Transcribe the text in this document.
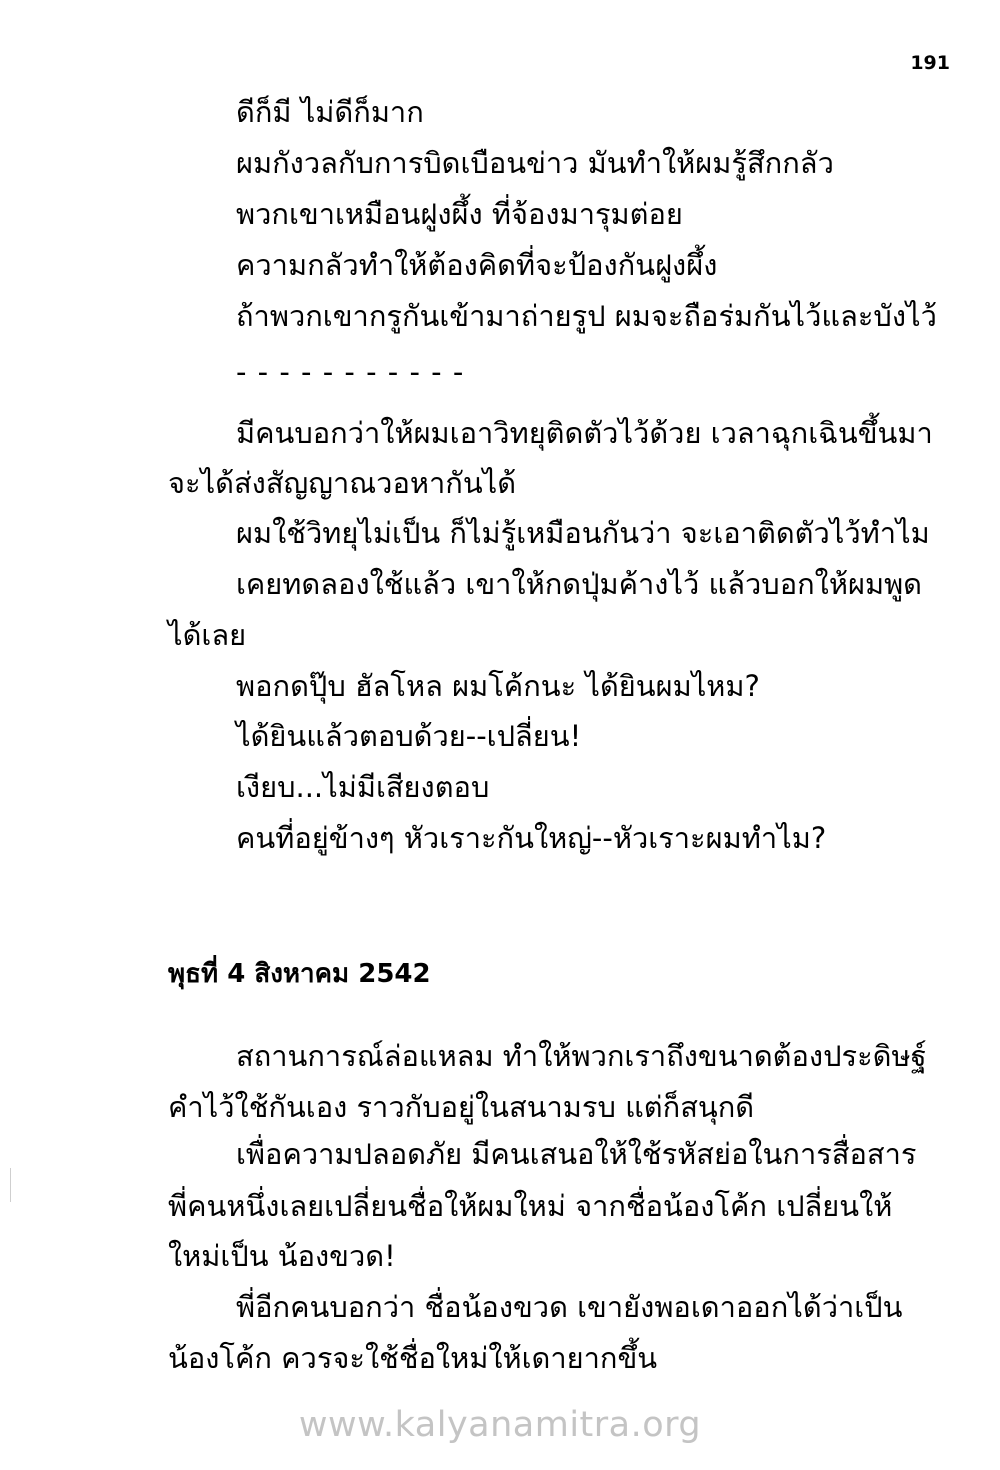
191
ดีก็มี ไม่ดีก็มาก
ผมกังวลกับการบิดเบือนข่าว มันทำให้ผมรู้สึกกลัว
พวกเขาเหมือนฝูงผึ้ง ที่จ้องมารุมต่อย
ความกลัวทำให้ต้องคิดที่จะป้องกันฝูงผึ้ง
ถ้าพวกเขากรูกันเข้ามาถ่ายรูป ผมจะถือร่มกันไว้และบังไว้
- - - - - - - - - - -
มีคนบอกว่าให้ผมเอาวิทยุติดตัวไว้ด้วย เวลาฉุกเฉินขึ้นมา
จะได้ส่งสัญญาณวอหากันได้
ผมใช้วิทยุไม่เป็น ก็ไม่รู้เหมือนกันว่า จะเอาติดตัวไว้ทำไม
เคยทดลองใช้แล้ว เขาให้กดปุ่มค้างไว้ แล้วบอกให้ผมพูด
ได้เลย
พอกดปุ๊บ ฮัลโหล ผมโค้กนะ ได้ยินผมไหม?
ได้ยินแล้วตอบด้วย--เปลี่ยน!
เงียบ...ไม่มีเสียงตอบ
คนที่อยู่ข้างๆ หัวเราะกันใหญ่--หัวเราะผมทำไม?
พุธที่ 4 สิงหาคม 2542
สถานการณ์ล่อแหลม ทำให้พวกเราถึงขนาดต้องประดิษฐ์
คำไว้ใช้กันเอง ราวกับอยู่ในสนามรบ แต่ก็สนุกดี
เพื่อความปลอดภัย มีคนเสนอให้ใช้รหัสย่อในการสื่อสาร
พี่คนหนึ่งเลยเปลี่ยนชื่อให้ผมใหม่ จากชื่อน้องโค้ก เปลี่ยนให้
ใหม่เป็น น้องขวด!
พี่อีกคนบอกว่า ชื่อน้องขวด เขายังพอเดาออกได้ว่าเป็น
น้องโค้ก ควรจะใช้ชื่อใหม่ให้เดายากขึ้น
www.kalyanamitra.org
